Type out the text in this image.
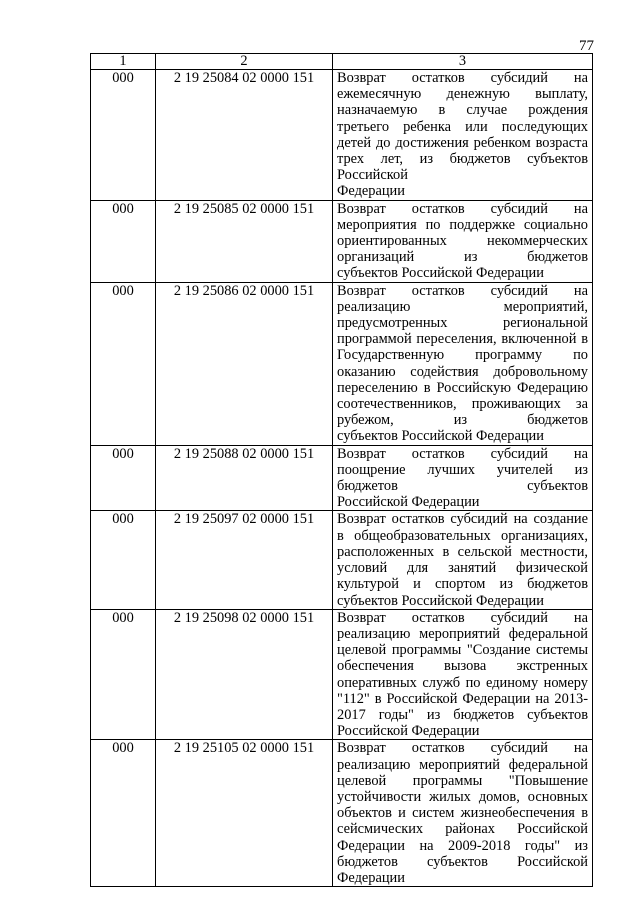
77
1	2	3
000	2 19 25084 02 0000 151	Возврат остатков субсидий на ежемесячную денежную выплату, назначаемую в случае рождения третьего ребенка или последующих детей до достижения ребенком возраста трех лет, из бюджетов субъектов Российской
Федерации

000	2 19 25085 02 0000 151	Возврат остатков субсидий на мероприятия по поддержке социально ориентированных некоммерческих организаций из бюджетов
субъектов Российской Федерации

000	2 19 25086 02 0000 151	Возврат остатков субсидий на реализацию мероприятий, предусмотренных региональной программой переселения, включенной в Государственную программу по оказанию содействия добровольному переселению в Российскую Федерацию соотечественников, проживающих за рубежом, из бюджетов
субъектов Российской Федерации

000	2 19 25088 02 0000 151	Возврат остатков субсидий на поощрение лучших учителей из бюджетов субъектов
Российской Федерации

000	2 19 25097 02 0000 151	Возврат остатков субсидий на создание в общеобразовательных организациях, расположенных в сельской местности, условий для занятий физической культурой и спортом из бюджетов
субъектов Российской Федерации

000	2 19 25098 02 0000 151	Возврат остатков субсидий на реализацию мероприятий федеральной целевой программы "Создание системы обеспечения вызова экстренных оперативных служб по единому номеру "112" в Российской Федерации на 2013-2017 годы" из бюджетов субъектов
Российской Федерации

000	2 19 25105 02 0000 151	Возврат остатков субсидий на реализацию мероприятий федеральной целевой программы "Повышение устойчивости жилых домов, основных объектов и систем жизнеобеспечения в сейсмических районах Российской Федерации на 2009-2018 годы" из бюджетов субъектов Российской
Федерации
